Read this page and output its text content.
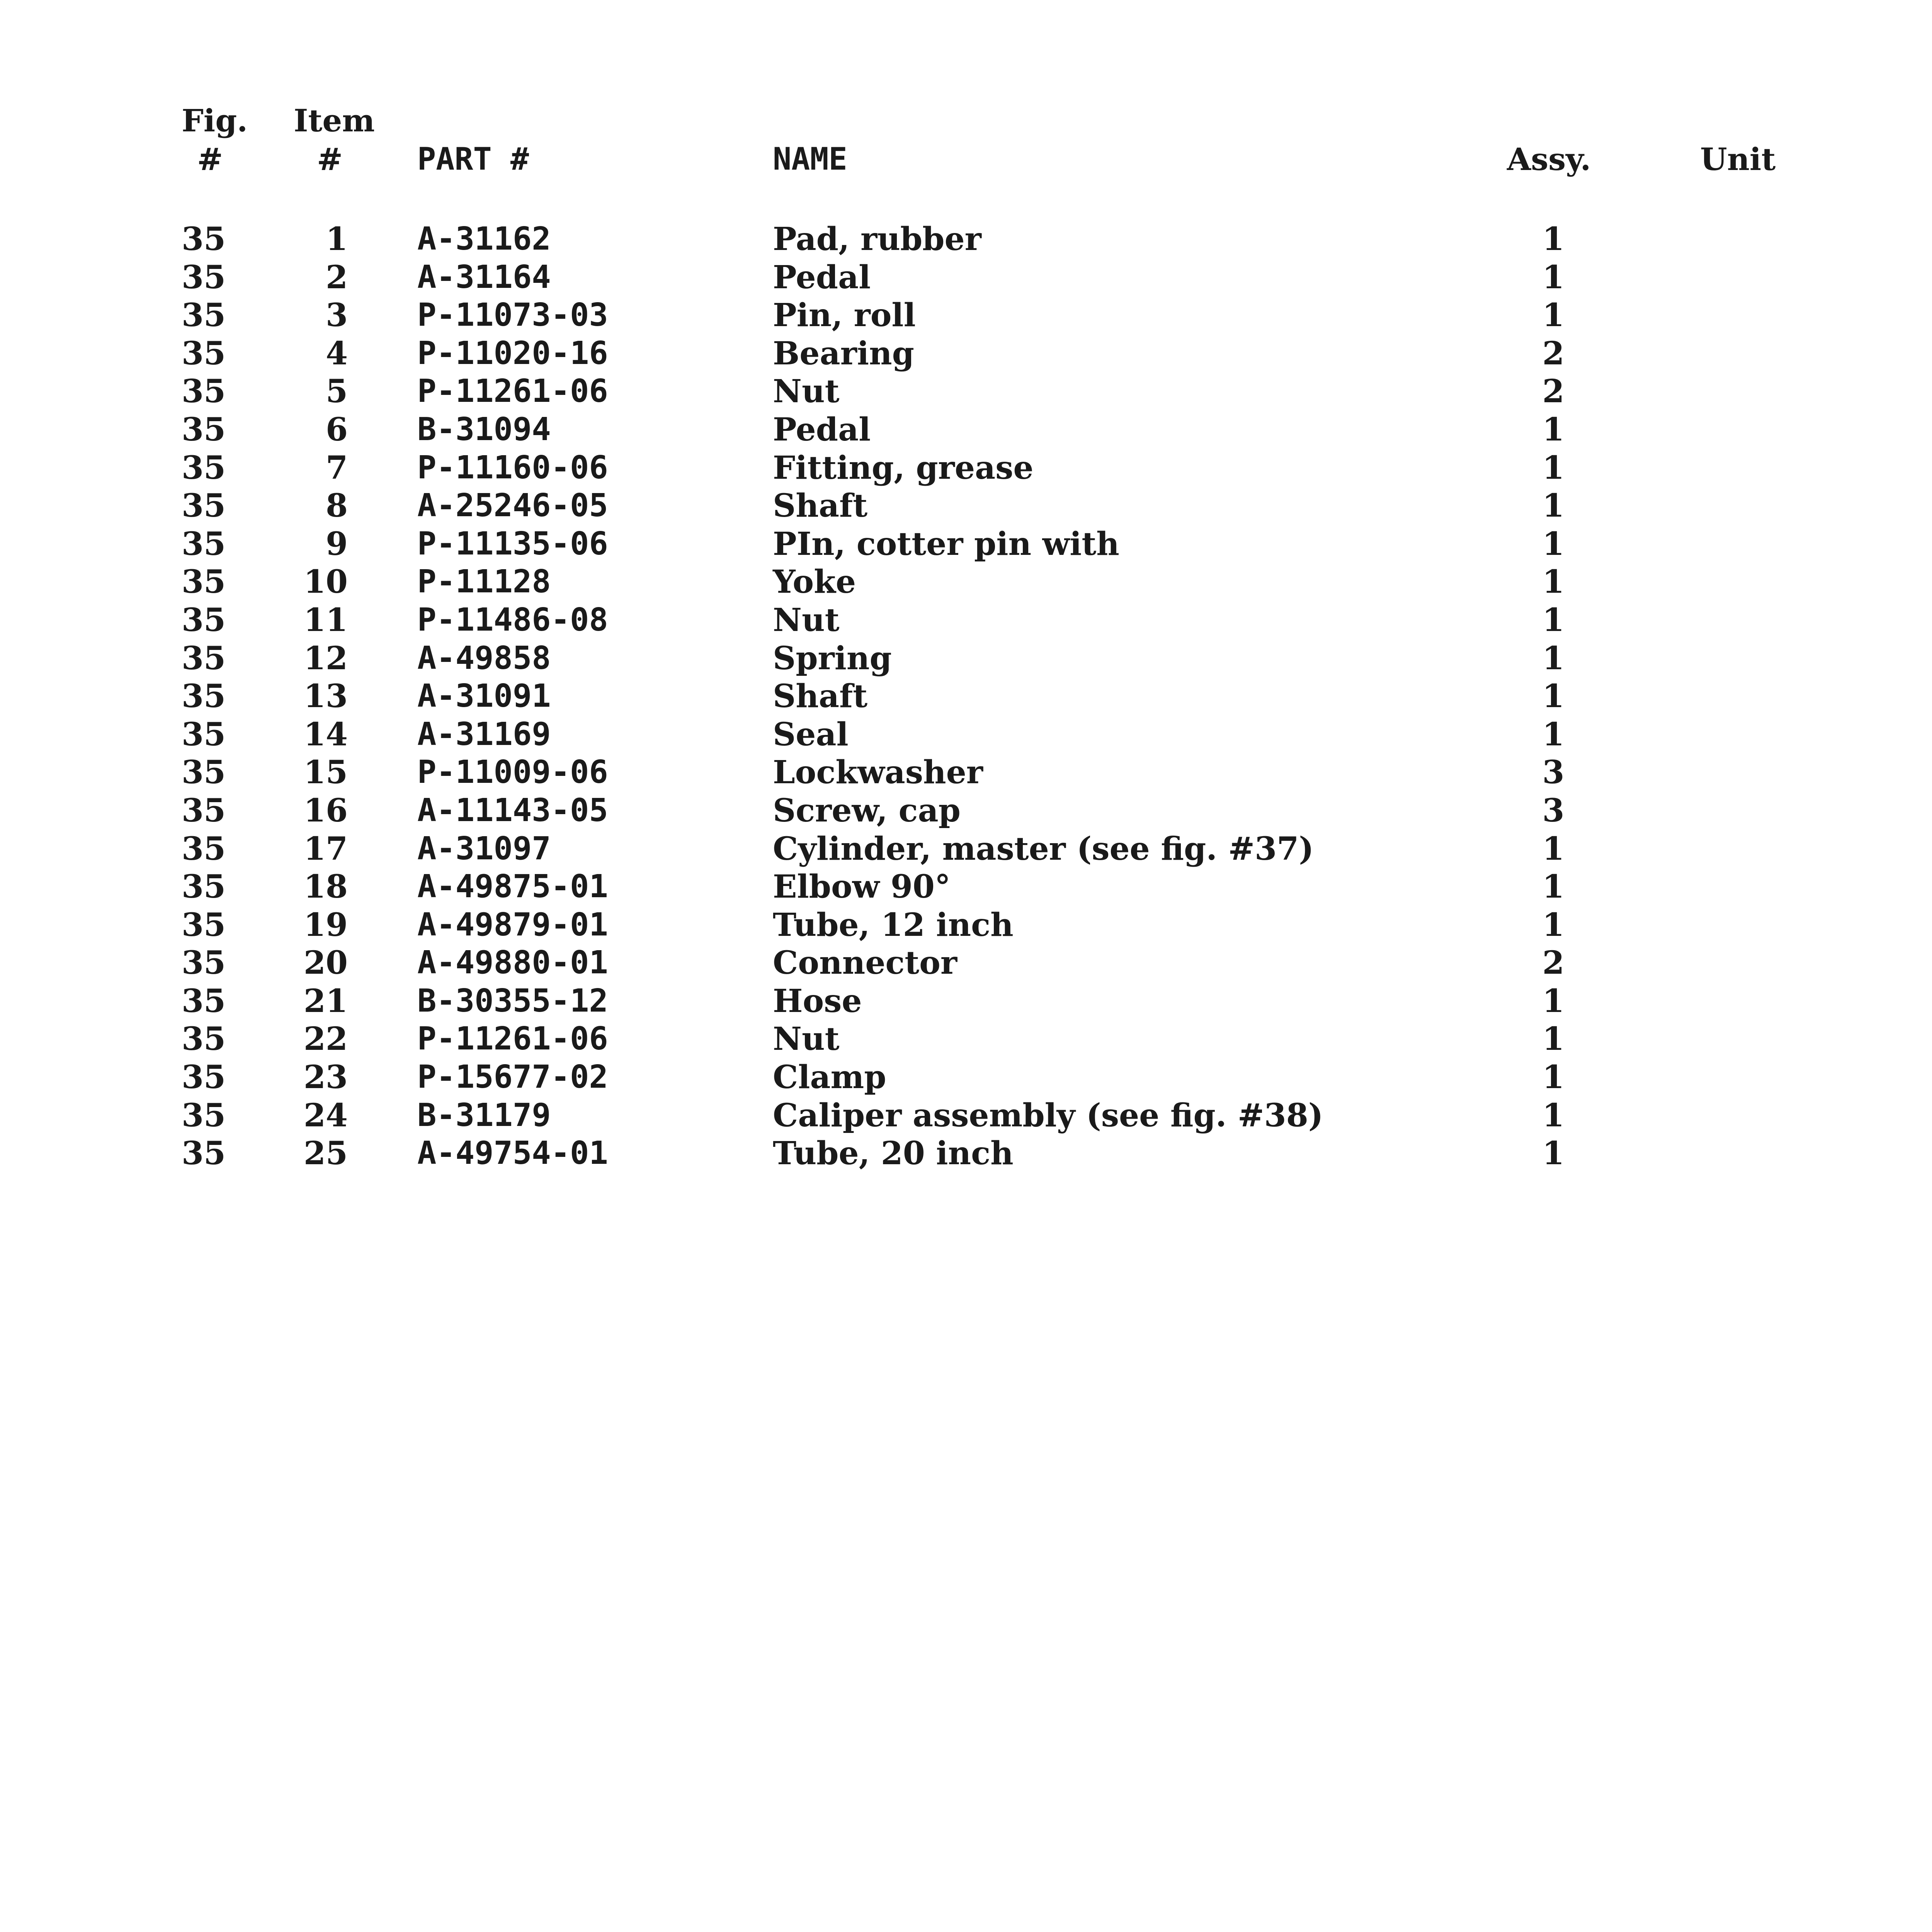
Fig. Item
#	#	PART #	NAME	Assy.	Unit
35	1 A-31162	Pad, rubber	1
35	2 A-31164	Pedal	1
35	3 P-11073-03	Pin, roll	1
35	4 P-11020-16	Bearing	2
35	5 P-11261-06	Nut	2
35	6 B-31094	Pedal	1
35	7 P-11160-06	Fitting, grease	1
35	8 A-25246-05	Shaft	1
35	9 P-11135-06	PIn, cotter pin with	1
35	10 P-11128	Yoke	1
35	11 P-11486-08	Nut	1
35	12 A-49858	Spring	1
35	13 A-31091	Shaft	1
35	14 A-31169	Seal	1
35	15 P-11009-06	Lockwasher	3
35	16 A-11143-05	Screw, cap	3
35	17 A-31097	Cylinder, master (see fig. #37)	1
35	18 A-49875-01	Elbow 90°	1
35	19 A-49879-01	Tube, 12 inch	1
35	20 A-49880-01	Connector	2
35	21 B-30355-12	Hose	1
35	22 P-11261-06	Nut	1
35	23 P-15677-02	Clamp	1
35	24 B-31179	Caliper assembly (see fig. #38)	1
35	25 A-49754-01	Tube, 20 inch	1
